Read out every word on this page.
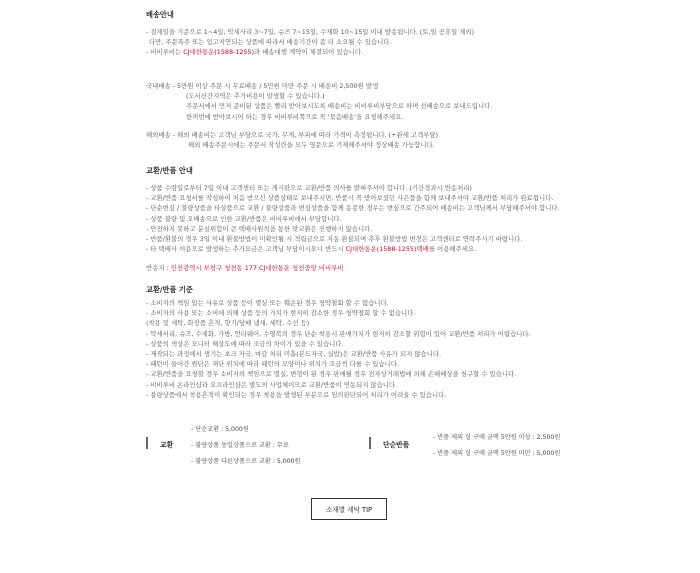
배송안내

- 결제일을 기준으로 1~4일, 악세사리 3~7일, 슈즈 7~15일, 수제화 10~15일 이내 발송됩니다. (토,일 공휴일 제외)
다만, 주문폭주 또는 입고지연되는 상품에 따라서 배송기간이 좀 더 소요될 수 있습니다.
- 비비루비는 CJ대한통운(1588-1255)과 배송대행 계약이 체결되어 있습니다.
국내배송 - 5만원 이상 주문 시 무료배송 / 5만원 미만 주문 시 배송비 2,500원 발생
(도서산간지역은 추가비용이 발생할 수 있습니다.)
주문서에서 먼저 준비된 상품은 빨리 받아보시도록 배송비는 비비루비부담으로 하며 선배송으로 보내드립니다.
한꺼번에 받아보시어 하는 경우 비비루비쪽으로 꼭 '묶음배송'을 요청해주세요.
해외배송 - 해외 배송비는 고객님 부담으로 국가, 무게, 부피에 따라 가격이 측정됩니다. (+관세 고객부담)
해외 배송주문시에는 주문서 작성란을 모두 영문으로 기재해주셔야 정상배송 가능합니다.

교환/반품 안내

- 상품 수령일로부터 7일 이내 고객센터 또는 게시판으로 교환/반품 의사를 밝혀주셔야 합니다. (기간경과시 반송처리)
- 교환/반품 요청서를 작성하여 처음 받으신 상품상태로 보내주시면, 반품시 꼭 받아보셨던 사은품을 함께 보내주셔야 교환/반품 처리가 완료됩니다.
- 단순변심 / 불량상품을 타상품으로 교환 / 불량상품과 변심상품을 함께 동봉한 경우는 변심으로 간주되어 배송비는 고객님께서 부담해주셔야 합니다.
- 상품 불량 및 오배송으로 인한 교환/반품은 비비루비에서 부담합니다.
- 안전하지 못하고 분실위험이 큰 택배사원칙을 통한 맞교환은 진행하지 않습니다.
- 반품/환불의 경우 3일 이내 환불방법이 미확인될 시 적립금으로 자동 환불되며 추후 환불방법 변경은 고객센터로 연락주시기 바랍니다.
- 타 택배사 이용으로 발생하는 추가요금은 고객님 부담이시오니 반드시 CJ대한통운(1588-1255)택배를 이용해주세요.
반송지 : 인천광역시 부평구 청천동 177 CJ대한통운 청천중앙 비비루비

교환/반품 기준

- 소비자의 책임 있는 사유로 상품 등이 멸실 또는 훼손된 경우 청약철회 할 수 없습니다.
- 소비자의 사용 또는 소비에 의해 상품 등의 가치가 현저히 감소한 경우 청약철회 할 수 없습니다.
(착용 및 세탁, 화장품 흔적, 향기/담배 냄새, 세탁, 수선 등)
- 악세서리, 슈즈, 수제화, 가방, 언더웨어, 수영복의 경우 단순 착용시 판매가치가 현저히 감소할 위험이 있어 교환/반품 처리가 어렵습니다.
- 상품의 색상은 모니터 해상도에 따라 조금의 차이가 있을 수 있습니다.
- 제작되는 과정에서 생기는 초크 자국, 마감 처리 미흡(본드자국, 실밥)은 교환/반품 사유가 되지 않습니다.
- 패턴이 들어간 원단은 재단 위치에 따라 패턴의 모양이나 위치가 조금씩 다를 수 있습니다.
- 교환/반품을 요청할 경우 소비자의 책임으로 멸실, 변형이 된 경우 판매될 경우 전자상거래법에 의해 손해배상을 청구할 수 있습니다.
- 비비루비 온라인샵과 오프라인샵은 별도의 사업체이므로 교환/반품이 연동되지 않습니다.
- 불량상품에서 착용흔적이 확인되는 경우 착용을 발생된 부분으로 임의판단되어 처리가 어려울 수 있습니다.
교환
- 단순교환 : 5,000원
- 불량상품 동일상품으로 교환 : 무료
- 불량상품 다른상품으로 교환 : 5,000원
단순반품
- 반품 제외 실 구매 금액 5만원 이상 : 2,500원
- 반품 제외 실 구매 금액 5만원 미만 : 5,000원
소재별 세탁 TIP
